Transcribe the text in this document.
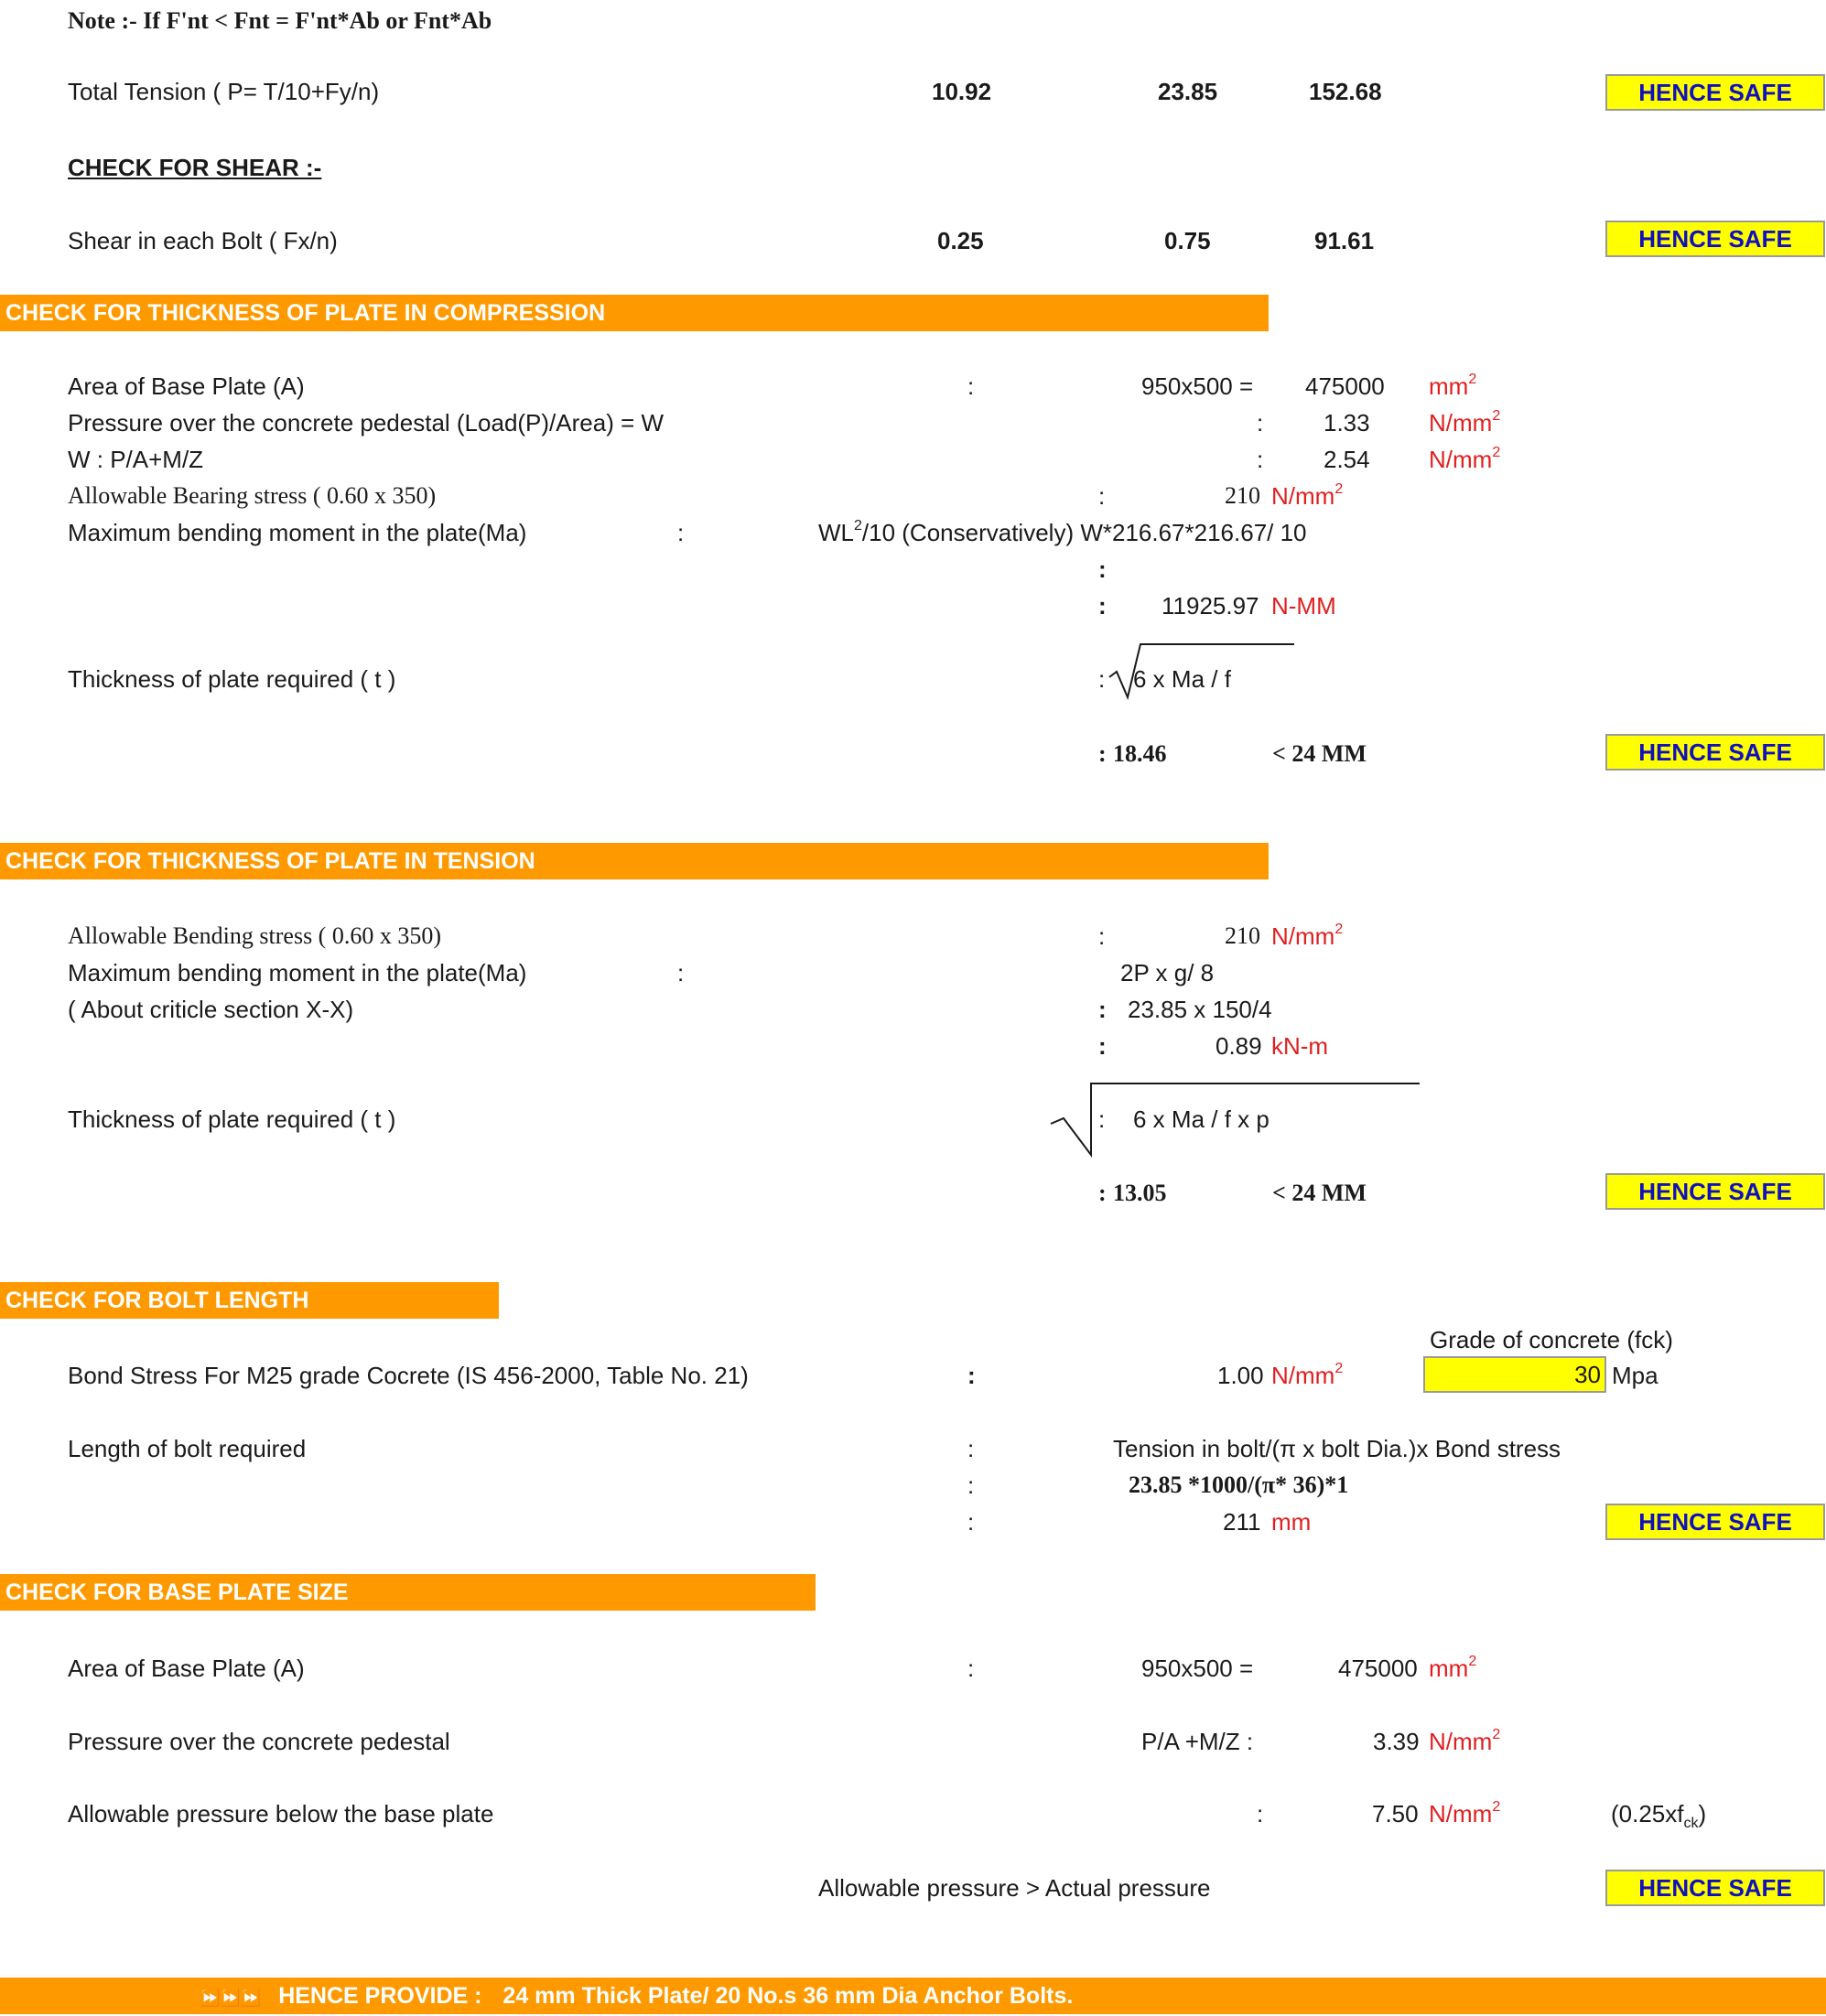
Note :- If F'nt < Fnt = F'nt*Ab or Fnt*Ab
Total Tension ( P= T/10+Fy/n)	10.92	23.85	152.68	HENCE SAFE
CHECK FOR SHEAR :-
Shear in each Bolt ( Fx/n)	0.25	0.75	91.61	HENCE SAFE
CHECK FOR THICKNESS OF PLATE IN COMPRESSION
Area of Base Plate (A)	:	950x500 = 475000 $mm^2$
Pressure over the concrete pedestal (Load(P)/Area) = W	:	1.33 $N/mm^2$
W : P/A+M/Z	:	2.54 $N/mm^2$
Allowable Bearing stress ( 0.60 x 350)	:	210 $N/mm^2$
Maximum bending moment in the plate(Ma)	:	$WL^2/10$ (Conservatively) W*216.67*216.67/ 10
:
: 11925.97 N-MM
Thickness of plate required ( t )	: 6 x Ma / f
: 18.46	< 24 MM	HENCE SAFE
CHECK FOR THICKNESS OF PLATE IN TENSION
Allowable Bending stress ( 0.60 x 350)	:	210 $N/mm^2$
Maximum bending moment in the plate(Ma)	:	2P x g/ 8
( About criticle section X-X)	: 23.85 x 150/4
:	0.89 kN-m
Thickness of plate required ( t )	: 6 x Ma / f x p
: 13.05	< 24 MM	HENCE SAFE
CHECK FOR BOLT LENGTH
Grade of concrete (fck)
30 Mpa
Bond Stress For M25 grade Cocrete (IS 456-2000, Table No. 21)	:	1.00 $N/mm^2$
Length of bolt required	:	Tension in bolt/(π x bolt Dia.)x Bond stress
:	23.85 *1000/(π* 36)*1
:	211 mm	HENCE SAFE
CHECK FOR BASE PLATE SIZE
Area of Base Plate (A)	:	950x500 =	475000 $mm^2$
Pressure over the concrete pedestal	P/A +M/Z :	3.39 $N/mm^2$
Allowable pressure below the base plate	:	7.50 $N/mm^2$	$(0.25xf_{ck})$
Allowable pressure > Actual pressure	HENCE SAFE
⏩⏩⏩ HENCE PROVIDE : 24 mm Thick Plate/ 20 No.s 36 mm Dia Anchor Bolts.
